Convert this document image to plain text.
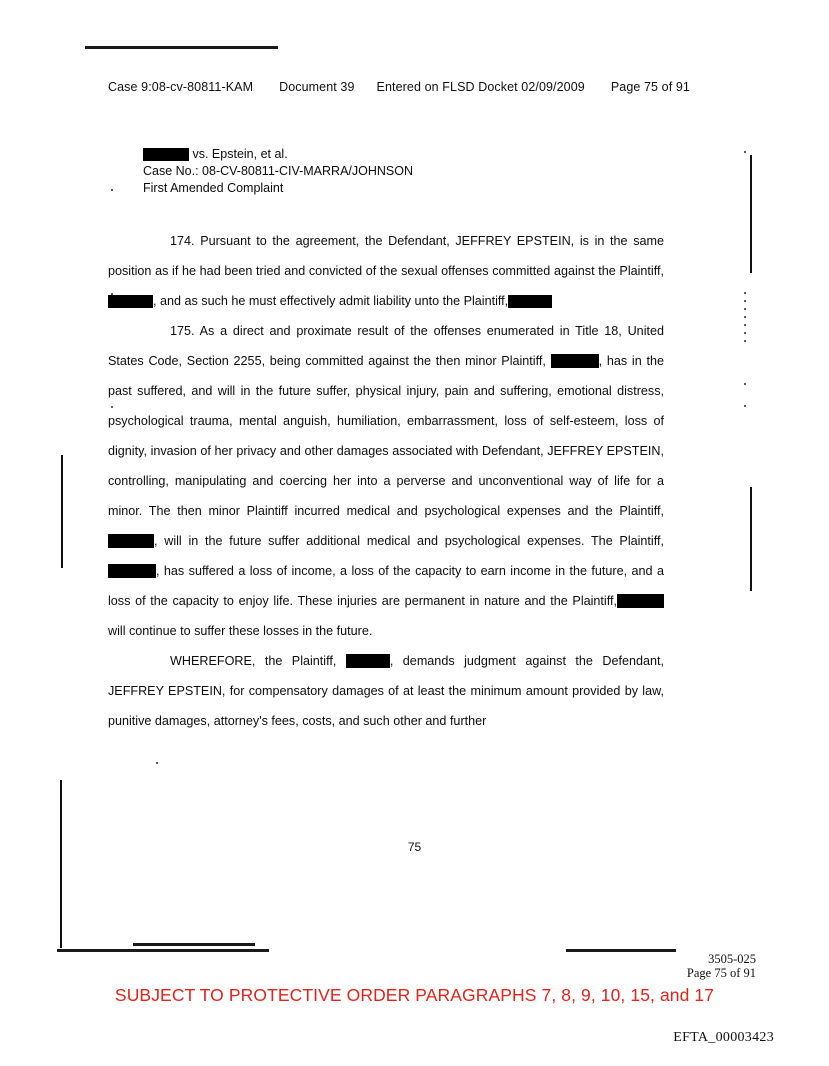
Case 9:08-cv-80811-KAM Document 39 Entered on FLSD Docket 02/09/2009 Page 75 of 91
vs. Epstein, et al.
Case No.: 08-CV-80811-CIV-MARRA/JOHNSON
First Amended Complaint

174. Pursuant to the agreement, the Defendant, JEFFREY EPSTEIN, is in the same position as if he had been tried and convicted of the sexual offenses committed against the Plaintiff, , and as such he must effectively admit liability unto the Plaintiff,

175. As a direct and proximate result of the offenses enumerated in Title 18, United States Code, Section 2255, being committed against the then minor Plaintiff,	, has in the past suffered, and will in the future suffer, physical injury, pain and suffering, emotional distress, psychological trauma, mental anguish, humiliation, embarrassment, loss of self-esteem, loss of dignity, invasion of her privacy and other damages associated with Defendant, JEFFREY EPSTEIN, controlling, manipulating and coercing her into a perverse and unconventional way of life for a minor. The then minor Plaintiff incurred medical and psychological expenses and the Plaintiff, , will in the future suffer additional medical and psychological expenses. The Plaintiff,, has suffered a loss of income, a loss of the capacity to earn income in the future, and a loss of the capacity to enjoy life. These injuries are permanent in nature and the Plaintiff, will continue to suffer these losses in the future.

WHEREFORE, the Plaintiff,	, demands judgment against the Defendant, JEFFREY EPSTEIN, for compensatory damages of at least the minimum amount provided by law, punitive damages, attorney's fees, costs, and such other and further

75
3505-025
Page 75 of 91
SUBJECT TO PROTECTIVE ORDER PARAGRAPHS 7, 8, 9, 10, 15, and 17
EFTA_00003423
